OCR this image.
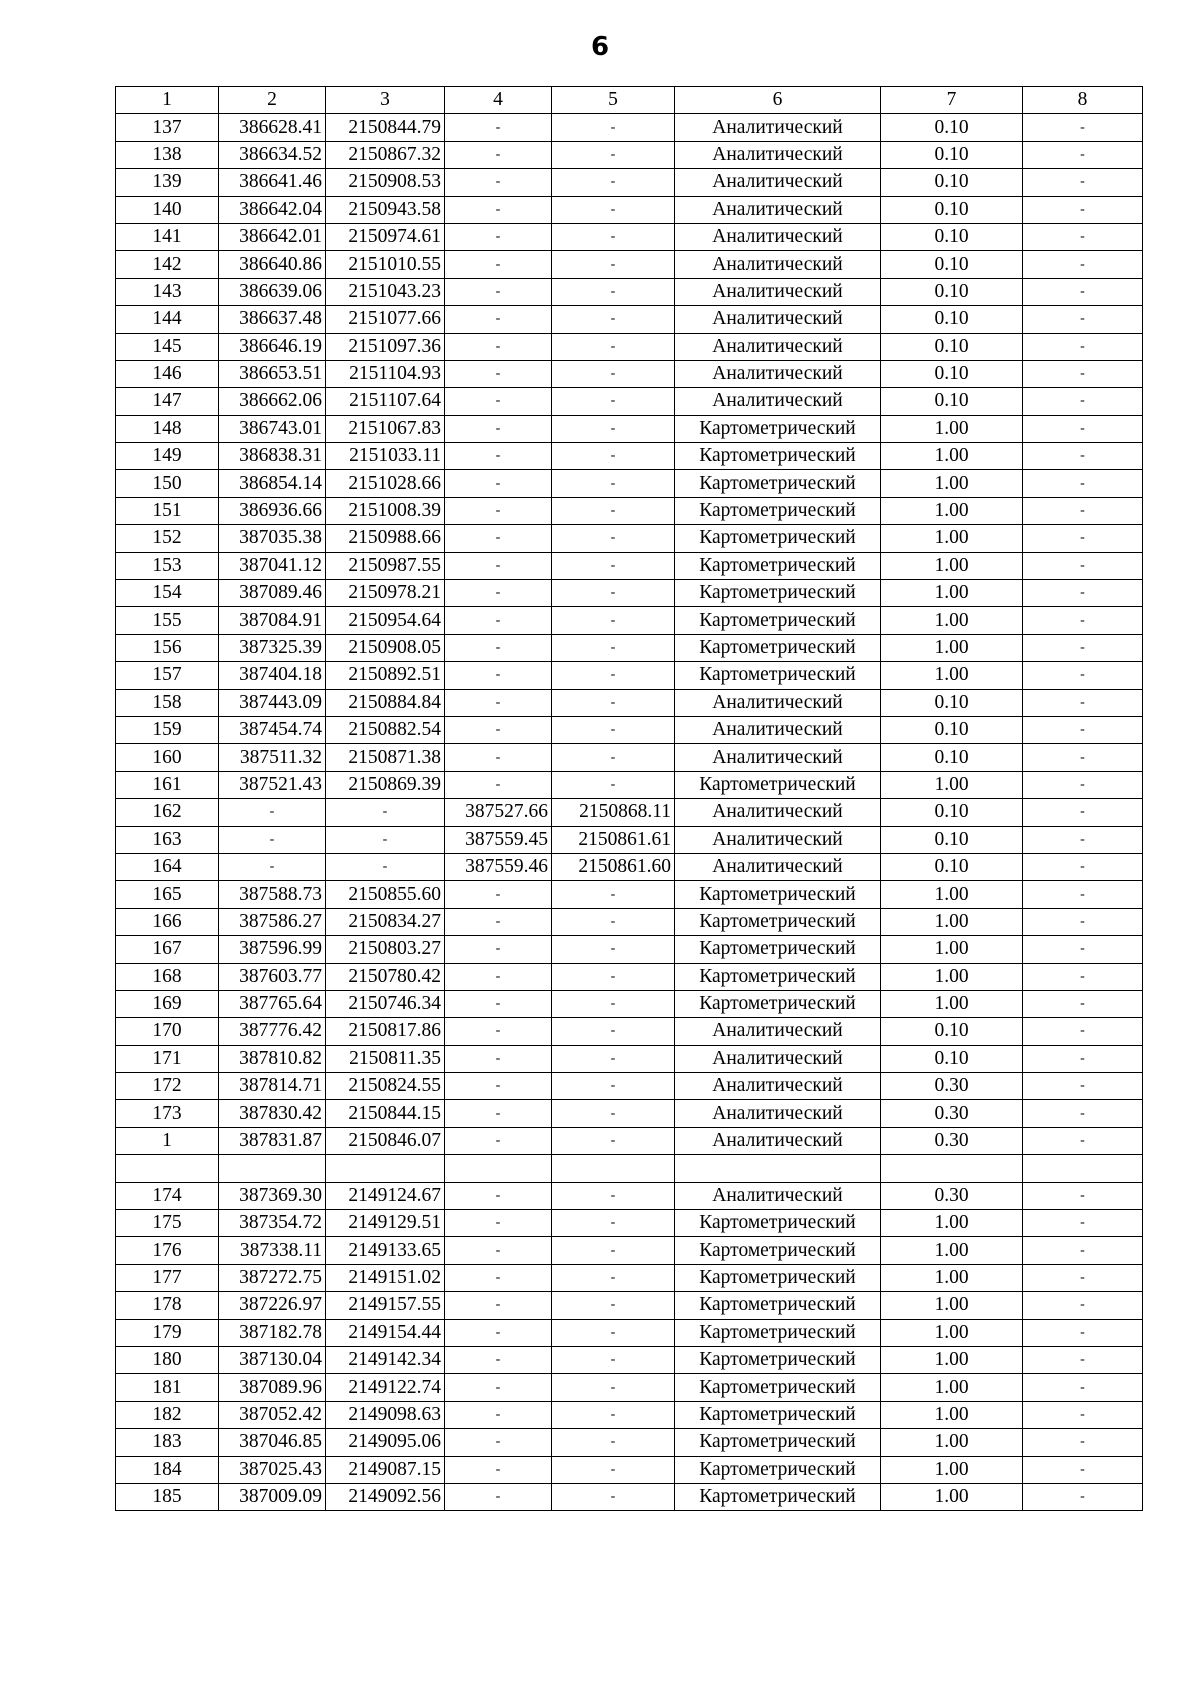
6
1	2	3	4	5	6	7	8
137	386628.41	2150844.79	-	-	Аналитический	0.10	-
138	386634.52	2150867.32	-	-	Аналитический	0.10	-
139	386641.46	2150908.53	-	-	Аналитический	0.10	-
140	386642.04	2150943.58	-	-	Аналитический	0.10	-
141	386642.01	2150974.61	-	-	Аналитический	0.10	-
142	386640.86	2151010.55	-	-	Аналитический	0.10	-
143	386639.06	2151043.23	-	-	Аналитический	0.10	-
144	386637.48	2151077.66	-	-	Аналитический	0.10	-
145	386646.19	2151097.36	-	-	Аналитический	0.10	-
146	386653.51	2151104.93	-	-	Аналитический	0.10	-
147	386662.06	2151107.64	-	-	Аналитический	0.10	-
148	386743.01	2151067.83	-	-	Картометрический	1.00	-
149	386838.31	2151033.11	-	-	Картометрический	1.00	-
150	386854.14	2151028.66	-	-	Картометрический	1.00	-
151	386936.66	2151008.39	-	-	Картометрический	1.00	-
152	387035.38	2150988.66	-	-	Картометрический	1.00	-
153	387041.12	2150987.55	-	-	Картометрический	1.00	-
154	387089.46	2150978.21	-	-	Картометрический	1.00	-
155	387084.91	2150954.64	-	-	Картометрический	1.00	-
156	387325.39	2150908.05	-	-	Картометрический	1.00	-
157	387404.18	2150892.51	-	-	Картометрический	1.00	-
158	387443.09	2150884.84	-	-	Аналитический	0.10	-
159	387454.74	2150882.54	-	-	Аналитический	0.10	-
160	387511.32	2150871.38	-	-	Аналитический	0.10	-
161	387521.43	2150869.39	-	-	Картометрический	1.00	-
162	-	-	387527.66	2150868.11	Аналитический	0.10	-
163	-	-	387559.45	2150861.61	Аналитический	0.10	-
164	-	-	387559.46	2150861.60	Аналитический	0.10	-
165	387588.73	2150855.60	-	-	Картометрический	1.00	-
166	387586.27	2150834.27	-	-	Картометрический	1.00	-
167	387596.99	2150803.27	-	-	Картометрический	1.00	-
168	387603.77	2150780.42	-	-	Картометрический	1.00	-
169	387765.64	2150746.34	-	-	Картометрический	1.00	-
170	387776.42	2150817.86	-	-	Аналитический	0.10	-
171	387810.82	2150811.35	-	-	Аналитический	0.10	-
172	387814.71	2150824.55	-	-	Аналитический	0.30	-
173	387830.42	2150844.15	-	-	Аналитический	0.30	-
1	387831.87	2150846.07	-	-	Аналитический	0.30	-

174	387369.30	2149124.67	-	-	Аналитический	0.30	-
175	387354.72	2149129.51	-	-	Картометрический	1.00	-
176	387338.11	2149133.65	-	-	Картометрический	1.00	-
177	387272.75	2149151.02	-	-	Картометрический	1.00	-
178	387226.97	2149157.55	-	-	Картометрический	1.00	-
179	387182.78	2149154.44	-	-	Картометрический	1.00	-
180	387130.04	2149142.34	-	-	Картометрический	1.00	-
181	387089.96	2149122.74	-	-	Картометрический	1.00	-
182	387052.42	2149098.63	-	-	Картометрический	1.00	-
183	387046.85	2149095.06	-	-	Картометрический	1.00	-
184	387025.43	2149087.15	-	-	Картометрический	1.00	-
185	387009.09	2149092.56	-	-	Картометрический	1.00	-
